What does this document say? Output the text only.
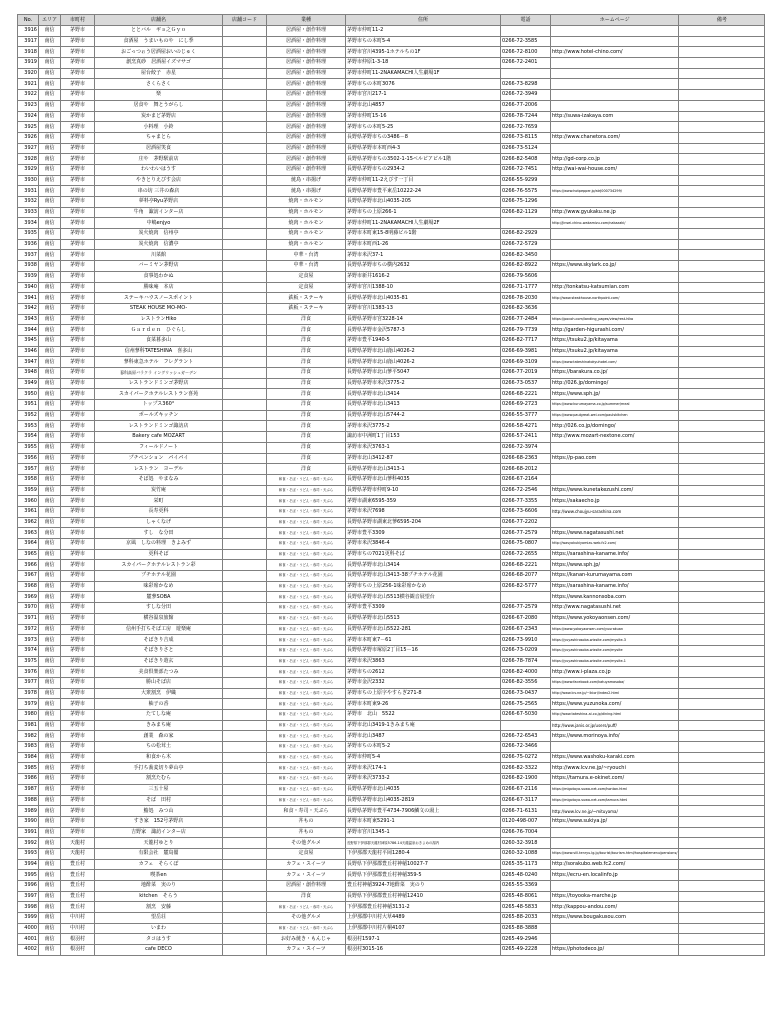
No.	エリア	市町村	店舗名	店舗コード	業種	住所	電話	ホームページ	備考
3916	南信	茅野市	ととバル　ギョ之Ｇｙｏ		居酒屋・創作料理	茅野市仲町11-2			
3917	南信	茅野市	食酒屋　うまいものや　にし季		居酒屋・創作料理	茅野市ちの本町5-4	0266-72-3585		
3918	南信	茅野市	おごっつぉう居酒屋おいのじゅく		居酒屋・創作料理	茅野市宮川4395-1ホテルちの1F	0266-72-8100	http://www.hotel-chino.com/	
3919	南信	茅野市	創烹真砂　居酒屋イズマサゴ		居酒屋・創作料理	茅野市仲原1-3-18	0266-72-2401		
3920	南信	茅野市	屋台餃子　赤星		居酒屋・創作料理	茅野市仲町11-2NAKAMACHI人生劇場1F			
3921	南信	茅野市	さくらさく		居酒屋・創作料理	茅野市ちの本町3076	0266-73-8298		
3922	南信	茅野市	楽		居酒屋・創作料理	茅野市宮川217-1	0266-72-3949		
3923	南信	茅野市	居食や　舞とうがらし		居酒屋・創作料理	茅野市北山4857	0266-77-2006		
3924	南信	茅野市	炭かまど茅野店		居酒屋・創作料理	茅野市仲町15-16	0266-78-7244	http://suwa-izakaya.com	
3925	南信	茅野市	小料理　小鈴		居酒屋・創作料理	茅野市ちの本町5-25	0266-72-7659		
3926	南信	茅野市	ちゃまとら		居酒屋・創作料理	長野県茅野市ちの3486－8	0266-73-8115	http://www.chanetora.com/	
3927	南信	茅野市	居酒屋笑食		居酒屋・創作料理	長野県茅野市本町西4-3	0266-73-5124		
3928	南信	茅野市	庄や　茅野駅前店		居酒屋・創作料理	長野県茅野市ちの3502-1-15ベルビアビル1階	0266-82-5408	http://gd-corp.co.jp	
3929	南信	茅野市	わいわいはうす		居酒屋・創作料理	長野県茅野市ちの2934-2	0266-72-7451	http://wai-wai-house.com/	
3930	南信	茅野市	やきとりえびす会店		焼鳥・串揚げ	茅野市仲町11-2えびす一丁目	0266-55-9299		
3931	南信	茅野市	串の坊 三井の森店		焼鳥・串揚げ	長野県茅野市豊平東岳10222-24	0266-76-5575	https://www.hotpepper.jp/strJ000734299/	
3932	南信	茅野市	夢料亭Ryu茅野店		焼肉・ホルモン	長野県茅野市北山4035-205	0266-75-1296		
3933	南信	茅野市	牛角　諏訪インター店		焼肉・ホルモン	茅野市ちの上原266-1	0266-82-1129	http://www.gyukaku.ne.jp	
3934	南信	茅野市	中嶋enjyo		焼肉・ホルモン	茅野市仲町11-2NAKAMACHI人生劇場2F		http://jinsei.chino-wakamizu.com/nakazaki/	
3935	南信	茅野市	炭火焼肉　信州亭		焼肉・ホルモン	茅野市本町東15-8明藤ビル1階	0266-82-2929		
3936	南信	茅野市	炭火焼肉　信濃亭		焼肉・ホルモン	茅野市本町西1-26	0266-72-5729		
3937	南信	茅野市	川菜館		中華・台湾	茅野市米沢37-1	0266-82-3450		
3938	南信	茅野市	バーミヤン茅野店		中華・台湾	長野県茅野市ちの横内2632	0266-82-8922	https://www.skylark.co.jp/	
3939	南信	茅野市	食事処わかぬ		定食屋	茅野市新井1616-2	0266-79-5606		
3940	南信	茅野市	勝味庵　本店		定食屋	茅野市宮川1388-10	0266-71-1777	http://tonkatsu-katsumian.com	
3941	南信	茅野市	ステーキハウスノースポイント		鉄板・ステーキ	長野県茅野市北山4035-81	0266-78-2030	http://www.steakhouse-northpoint.com/	
3942	南信	茅野市	STEAK HOUSE MO-MO-		鉄板・ステーキ	茅野市宮川1383-13	0266-82-3636		
3943	南信	茅野市	レストランHiko		洋食	長野県茅野市宮3228-14	0266-77-2484	https://pocoh.com/landing_pages/view/rest-hiko	
3944	南信	茅野市	Ｇａｒｄｅｎ　ひぐらし		洋食	長野県茅野市金沢5787-3	0266-79-7739	http://garden-higurashi.com/	
3945	南信	茅野市	食菜暮多山		洋食	茅野市豊平1940-5	0266-82-7717	https://tsuku2.jp/kitayama	
3946	南信	茅野市	信州蓼科TATESHINA　喜多山		洋食	長野県茅野市北山鹿山4026-2	0266-69-3981	https://tsuku2.jp/kitayama	
3947	南信	茅野市	蓼科東急ホテル　フレグラント		洋食	長野県茅野市北山鹿山4026-2	0266-69-3109	https://www.tateshinatokyuhotel.com/	
3948	南信	茅野市	蓼科高原バラクラ イングリッシュガーデン		洋食	長野県茅野市北山蓼平5047	0266-77-2019	https://barakura.co.jp/	
3949	南信	茅野市	レストランドミンゴ茅野店		洋食	長野県茅野市米沢3775-2	0266-73-0537	http://026.jp/domingo/	
3950	南信	茅野市	スカイパークホテルレストラン喜苑		洋食	長野県茅野市北山3414	0266-68-2221	https://www.sph.jp/	
3951	南信	茅野市	トップス360°		洋食	長野県茅野市北山3413	0266-69-2723	https://www.kurumayama.co.jp/summer/meal	
3952	南信	茅野市	ポールズキッチン		洋食	長野県茅野市北山5744-2	0266-55-3777	https://www.paulgreat-wei.com/paulskitchen	
3953	南信	茅野市	レストランドミンゴ諏訪店		洋食	茅野市米沢3775-2	0266-58-4271	http://026.co.jp/domingo/	
3954	南信	茅野市	Bakery cafe MOZART		洋食	諏訪市中洲町1丁目153	0266-57-2411	http://www.mozart-nextone.com/	
3955	南信	茅野市	フィールドノート		洋食	茅野市米沢3763-1	0266-72-3974		
3956	南信	茅野市	プチペンション　パイパイ		洋食	茅野市北山3412-87	0266-68-2363	https://p-pao.com	
3957	南信	茅野市	レストラン　ヨーデル		洋食	長野県茅野市北山3413-1	0266-68-2012		
3958	南信	茅野市	そば処　やまなみ		和食・そば・うどん・寿司・天ぷら	長野県茅野市北山蓼科4035	0266-67-2164		
3959	南信	茅野市	炭竹庵		和食・そば・うどん・寿司・天ぷら	長野県茅野市仲町9-10	0266-72-2546	https://www.kunetakezushi.com/	
3960	南信	茅野市	栄町		和食・そば・うどん・寿司・天ぷら	茅野市湖東6595-359	0266-77-3355	https://sakaecho.jp	
3961	南信	茅野市	長寿更科		和食・そば・うどん・寿司・天ぷら	茅野市米沢7698	0266-73-6606	http://www.choujyu-sarashina.com	
3962	南信	茅野市	しゃくなげ		和食・そば・うどん・寿司・天ぷら	長野県茅野市湖東北蓼6595-204	0266-77-2202		
3963	南信	茅野市	すし　な分田		和食・そば・うどん・寿司・天ぷら	茅野市豊平3309	0266-77-2579	https://www.nagatasushi.net	
3964	南信	茅野市	京風　しなの料理　きよみず		和食・そば・うどん・寿司・天ぷら	茅野市米沢3846-4	0266-75-0807	http://wasyokukiyomizu.web.fc2.com/	
3965	南信	茅野市	更科そば		和食・そば・うどん・寿司・天ぷら	茅野市ちの7021更科そば	0266-72-2655	https://sarashina-kaname.info/	
3966	南信	茅野市	スカイパークホテルレストラン彩		和食・そば・うどん・寿司・天ぷら	長野県茅野市北山3414	0266-68-2221	https://www.sph.jp/	
3967	南信	茅野市	プチホテル花園		和食・そば・うどん・寿司・天ぷら	長野県茅野市北山3413-38プチホテル花園	0266-68-2077	https://kanan-kurumayama.com	
3968	南信	茅野市	味彩席かなめ		和食・そば・うどん・寿司・天ぷら	茅野市ちの上原256-1味彩席かなめ	0266-82-5777	https://sarashina-kaname.info/	
3969	南信	茅野市	麓蓼SOBA		和食・そば・うどん・寿司・天ぷら	長野県茅野市北山5513横谷観音展望台		https://www.kannonsoba.com	
3970	南信	茅野市	すしな分田		和食・そば・うどん・寿司・天ぷら	茅野市豊平3309	0266-77-2579	http://www.nagatasushi.net	
3971	南信	茅野市	横谷温泉旅館		和食・そば・うどん・寿司・天ぷら	長野県茅野市北山5513	0266-67-2080	https://www.yokoyaonsen.com/	
3972	南信	茅野市	信州手打ちそば工房　遊楽庵		和食・そば・うどん・寿司・天ぷら	長野県茅野市北山5522-281	0266-67-2343	https://www.yokoyaonsen.com/yuurakuan	
3973	南信	茅野市	そばきり吉成		和食・そば・うどん・寿司・天ぷら	茅野市本町東7－61	0266-73-9910	https://yuyashirosoba.wixsite.com/mysite-3	
3974	南信	茅野市	そばきりさと		和食・そば・うどん・寿司・天ぷら	長野県茅野市塚原2丁目15－16	0266-73-0209	https://yuyashirosoba.wixsite.com/mysite	
3975	南信	茅野市	そばきり遊玄		和食・そば・うどん・寿司・天ぷら	茅野市米沢3863	0266-78-7874	https://yuyashirosoba.wixsite.com/mysite-1	
3976	南信	茅野市	美食倶楽部たつみ		和食・そば・うどん・寿司・天ぷら	茅野市ちの2612	0266-82-4000	http://www.i-plaza.co.jp	
3977	南信	茅野市	勝山そば店		和食・そば・うどん・寿司・天ぷら	茅野市金沢2332	0266-82-3556	https://www.facebook.com/katuyamasoba/	
3978	南信	茅野市	大衆割烹　伊織		和食・そば・うどん・寿司・天ぷら	茅野市ちの上原字やすらぎ271-8	0266-73-0437	http://www.lcv.ne.jp/~ikiori/index2.html	
3979	南信	茅野市	柚子の香		和食・そば・うどん・寿司・天ぷら	茅野市本町東9-26	0266-75-2565	https://www.yuzunoka.com/	
3980	南信	茅野市	たてしな庵		和食・そば・うどん・寿司・天ぷら	茅野市　北山　5522	0266-67-5030	http://www.tateshina-ai.co.jp/dining.html	
3981	南信	茅野市	きみまち庵		和食・そば・うどん・寿司・天ぷら	茅野市北山3419-1きみまち庵		http://www.janis.or.jp/users/puff/	
3982	南信	茅野市	創業　森の家		和食・そば・うどん・寿司・天ぷら	茅野市北山3487	0266-72-6543	https://www.morinoya.info/	
3983	南信	茅野市	ちの松茸土		和食・そば・うどん・寿司・天ぷら	茅野市ちの本町5-2	0266-72-3466		
3984	南信	茅野市	和食から木		和食・そば・うどん・寿司・天ぷら	茅野市仲町5-4	0266-75-0272	https://www.washoku-karaki.com	
3985	南信	茅野市	手打ち蕎麦切り夢山亭		和食・そば・うどん・寿司・天ぷら	茅野市米沢174-1	0266-82-3322	http://www.lcv.ne.jp/~ryouchi	
3986	南信	茅野市	割烹たむら		和食・そば・うどん・寿司・天ぷら	茅野市米沢3733-2	0266-82-1900	https://tamura.e-okinet.com/	
3987	南信	茅野市	三五十屋		和食・そば・うどん・寿司・天ぷら	長野県茅野市北山4035	0266-67-2116	https://migotoya.suwa-net.com/hontan.html	
3988	南信	茅野市	そば　田村		和食・そば・うどん・寿司・天ぷら	長野県茅野市北山4035-2819	0266-67-3117	https://migotoya.suwa-net.com/tamura.html	
3989	南信	茅野市	鮨処　みつ山		和食・寿司・天ぷら	長野県茅野市豊平4734-7906鱗文の湯上	0266-71-6131	http://www.lcv.ne.jp/~mituyama/	
3990	南信	茅野市	すき家　152号茅野店		丼もの	茅野市本町東5291-1	0120-498-007	https://www.sukiya.jp/	
3991	南信	茅野市	吉野家　諏訪インター店		丼もの	茅野市宮川1345-1	0266-76-7004		
3992	南信	天龍村	天龍村ゆとり		その他グルメ	長野県下伊那郡天龍村神原5786-14天龍温泉おきよめの湯内	0260-32-3918		
3993	南信	天龍村	有限会社　麓鳥閣		定食屋	下伊那郡天龍村平岡1280-4	0260-32-1088	https://www.vill.tenryu.lg.jp/tourist/tourism.html/hospitalemenu/pensions/	
3994	南信	豊丘村	カフェ　そらくぼ		カフェ・スイーツ	長野県下伊那郡豊丘村神稲10027-7	0265-35-1173	http://sorakubo.web.fc2.com/	
3995	南信	豊丘村	喫茶en		カフェ・スイーツ	長野県下伊那郡豊丘村神稲359-5	0265-48-0240	https://ecru-en.localinfo.jp	
3996	南信	豊丘村	地酢菜　実のり		居酒屋・創作料理	豊丘村神稲3924-7地酢菜　実のり	0265-55-3369		
3997	南信	豊丘村	kitchen　そらう		洋食	長野県下伊那郡豊丘村神稲12410	0265-48-8061	https://toyooka-marche.jp	
3998	南信	豊丘村	割烹　安藤		和食・そば・うどん・寿司・天ぷら	下伊那郡豊丘村神稲3131-2	0265-48-5833	http://kappou-andou.com/	
3999	南信	中川村	望岳荘		その他グルメ	上伊那郡中川村大草4489	0265-88-2033	https://www.bougakusou.com	
4000	南信	中川村	いまわ		和食・そば・うどん・寿司・天ぷら	上伊那郡中川村片桐4107	0265-88-3888		
4001	南信	根羽村	タコはうす		お好み焼き・もんじゃ	根羽村1597-1	0265-49-2946		
4002	南信	根羽村	cafe DECO		カフェ・スイーツ	根羽村3015-16	0265-49-2228	https://photodeco.jp/	
